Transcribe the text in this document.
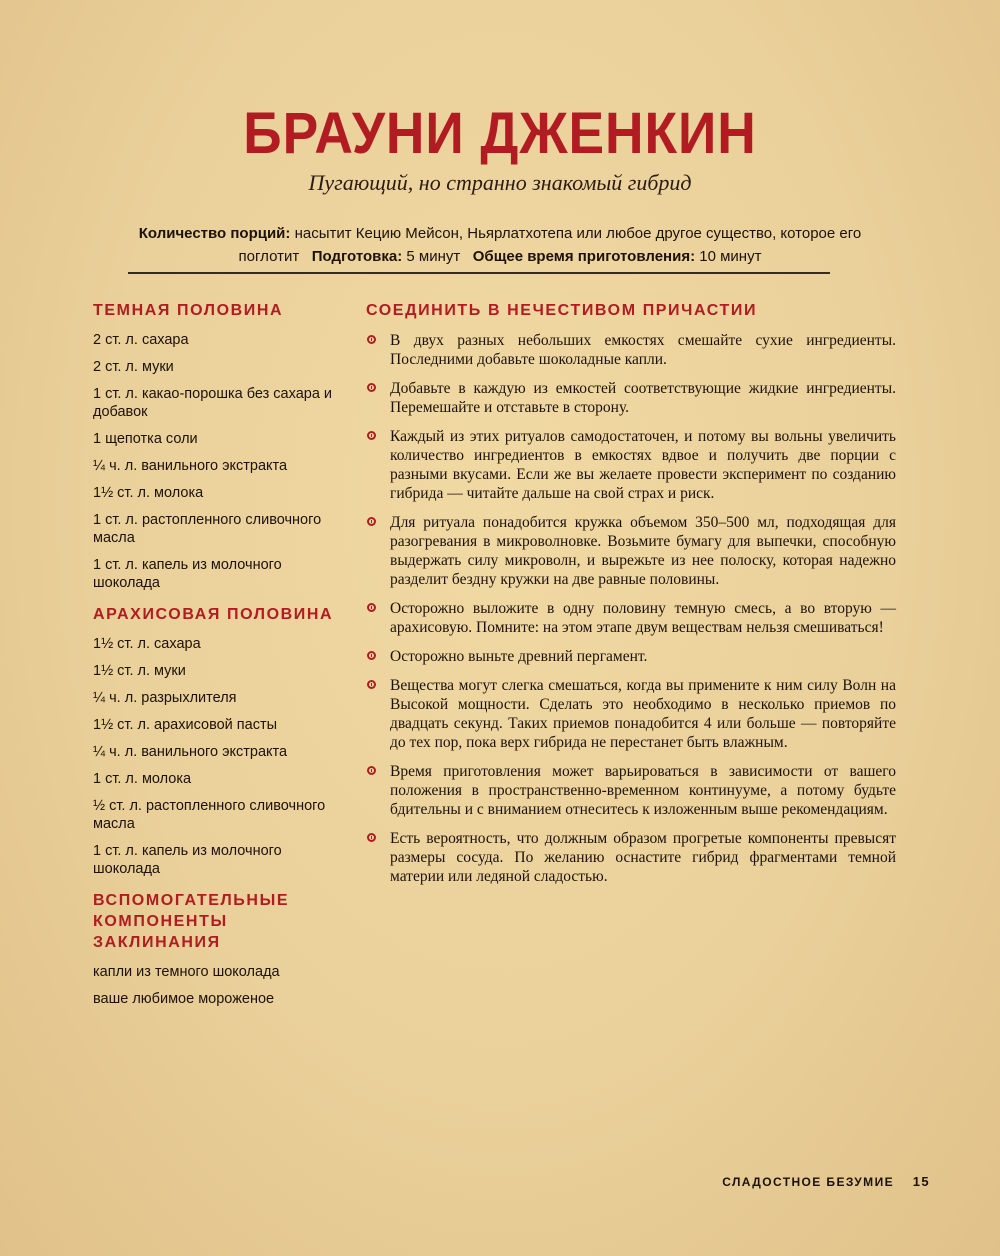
БРАУНИ ДЖЕНКИН
Пугающий, но странно знакомый гибрид
Количество порций: насытит Кецию Мейсон, Ньярлатхотепа или любое другое существо, которое его поглотит Подготовка: 5 минут Общее время приготовления: 10 минут
ТЕМНАЯ ПОЛОВИНА
2 ст. л. сахара
2 ст. л. муки
1 ст. л. какао-порошка без сахара и добавок
1 щепотка соли
¼ ч. л. ванильного экстракта
1½ ст. л. молока
1 ст. л. растопленного сливочного масла
1 ст. л. капель из молочного шоколада
АРАХИСОВАЯ ПОЛОВИНА
1½ ст. л. сахара
1½ ст. л. муки
¼ ч. л. разрыхлителя
1½ ст. л. арахисовой пасты
¼ ч. л. ванильного экстракта
1 ст. л. молока
½ ст. л. растопленного сливочного масла
1 ст. л. капель из молочного шоколада
ВСПОМОГАТЕЛЬНЫЕ КОМПОНЕНТЫ ЗАКЛИНАНИЯ
капли из темного шоколада
ваше любимое мороженое
СОЕДИНИТЬ В НЕЧЕСТИВОМ ПРИЧАСТИИ
В двух разных небольших емкостях смешайте сухие ингредиенты. Последними добавьте шоколадные капли.
Добавьте в каждую из емкостей соответствующие жидкие ингредиенты. Перемешайте и отставьте в сторону.
Каждый из этих ритуалов самодостаточен, и потому вы вольны увеличить количество ингредиентов в емкостях вдвое и получить две порции с разными вкусами. Если же вы желаете провести эксперимент по созданию гибрида — читайте дальше на свой страх и риск.
Для ритуала понадобится кружка объемом 350–500 мл, подходящая для разогревания в микроволновке. Возьмите бумагу для выпечки, способную выдержать силу микроволн, и вырежьте из нее полоску, которая надежно разделит бездну кружки на две равные половины.
Осторожно выложите в одну половину темную смесь, а во вторую — арахисовую. Помните: на этом этапе двум веществам нельзя смешиваться!
Осторожно выньте древний пергамент.
Вещества могут слегка смешаться, когда вы примените к ним силу Волн на Высокой мощности. Сделать это необходимо в несколько приемов по двадцать секунд. Таких приемов понадобится 4 или больше — повторяйте до тех пор, пока верх гибрида не перестанет быть влажным.
Время приготовления может варьироваться в зависимости от вашего положения в пространственно-временном континууме, а потому будьте бдительны и с вниманием отнеситесь к изложенным выше рекомендациям.
Есть вероятность, что должным образом прогретые компоненты превысят размеры сосуда. По желанию оснастите гибрид фрагментами темной материи или ледяной сладостью.
СЛАДОСТНОЕ БЕЗУМИЕ 15
